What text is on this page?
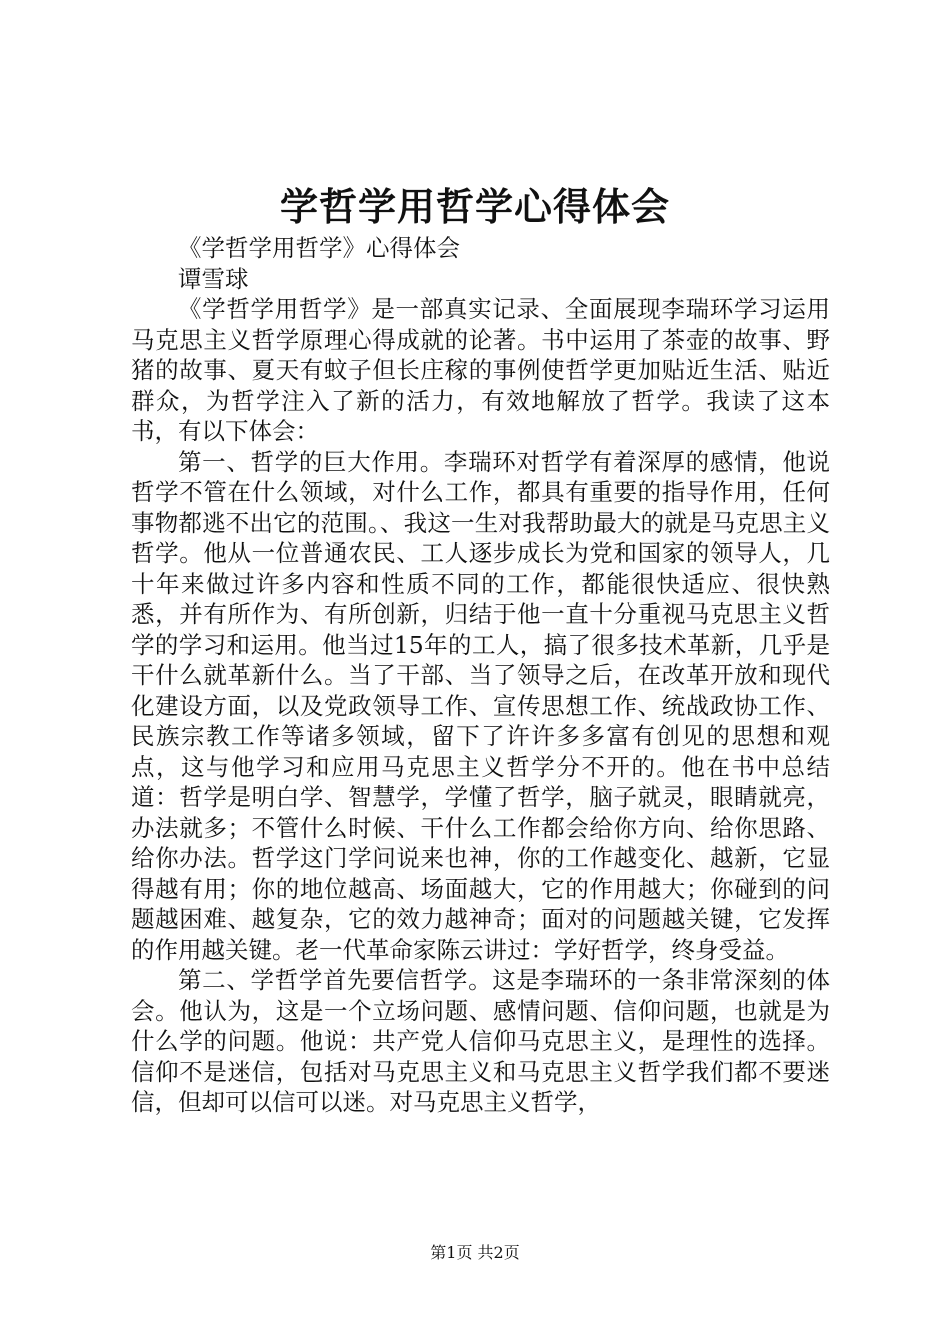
学哲学用哲学心得体会

《学哲学用哲学》心得体会

谭雪球

《学哲学用哲学》是一部真实记录、全面展现李瑞环学习运用马克思主义哲学原理心得成就的论著。书中运用了茶壶的故事、野猪的故事、夏天有蚊子但长庄稼的事例使哲学更加贴近生活、贴近群众，为哲学注入了新的活力，有效地解放了哲学。我读了这本书，有以下体会：

第一、哲学的巨大作用。李瑞环对哲学有着深厚的感情，他说哲学不管在什么领域，对什么工作，都具有重要的指导作用，任何事物都逃不出它的范围。、我这一生对我帮助最大的就是马克思主义哲学。他从一位普通农民、工人逐步成长为党和国家的领导人，几十年来做过许多内容和性质不同的工作，都能很快适应、很快熟悉，并有所作为、有所创新，归结于他一直十分重视马克思主义哲学的学习和运用。他当过15年的工人，搞了很多技术革新，几乎是干什么就革新什么。当了干部、当了领导之后，在改革开放和现代化建设方面，以及党政领导工作、宣传思想工作、统战政协工作、民族宗教工作等诸多领域，留下了许许多多富有创见的思想和观点，这与他学习和应用马克思主义哲学分不开的。他在书中总结道：哲学是明白学、智慧学，学懂了哲学，脑子就灵，眼睛就亮，办法就多；不管什么时候、干什么工作都会给你方向、给你思路、给你办法。哲学这门学问说来也神，你的工作越变化、越新，它显得越有用；你的地位越高、场面越大，它的作用越大；你碰到的问题越困难、越复杂，它的效力越神奇；面对的问题越关键，它发挥的作用越关键。老一代革命家陈云讲过：学好哲学，终身受益。

第二、学哲学首先要信哲学。这是李瑞环的一条非常深刻的体会。他认为，这是一个立场问题、感情问题、信仰问题，也就是为什么学的问题。他说：共产党人信仰马克思主义，是理性的选择。信仰不是迷信，包括对马克思主义和马克思主义哲学我们都不要迷信，但却可以信可以迷。对马克思主义哲学，

第1页 共2页
